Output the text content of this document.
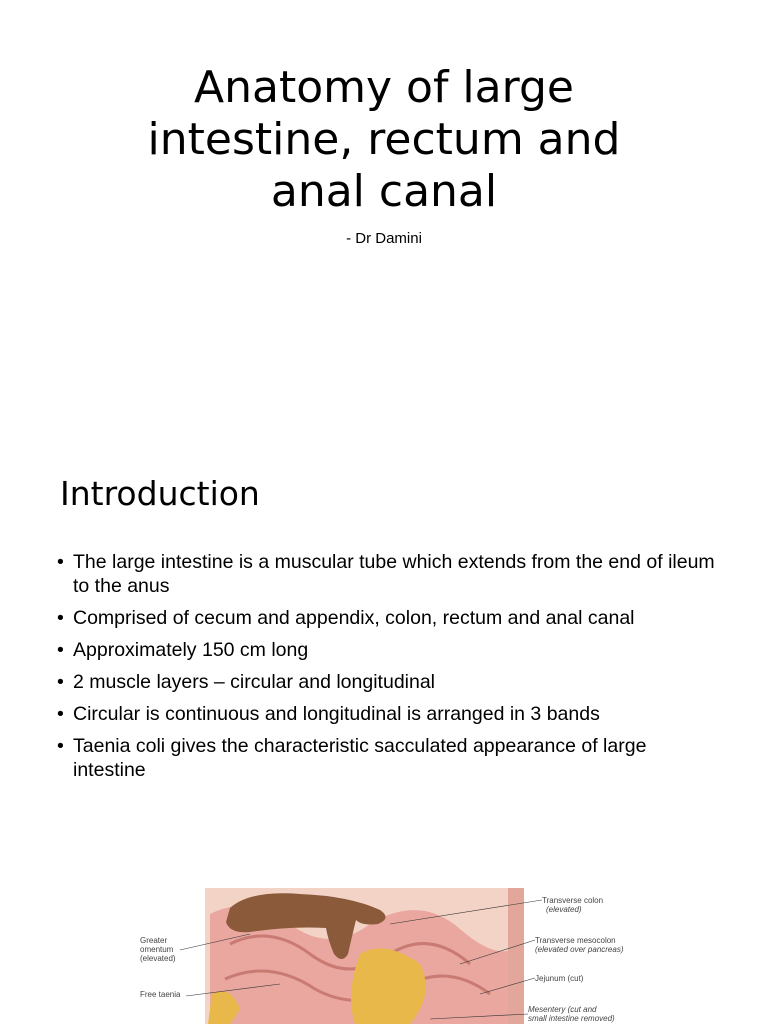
Anatomy of large
intestine, rectum and
anal canal
- Dr Damini
Introduction
• The large intestine is a muscular tube which extends from the end of ileum to the anus
• Comprised of cecum and appendix, colon, rectum and anal canal
• Approximately 150 cm long
• 2 muscle layers – circular and longitudinal
• Circular is continuous and longitudinal is arranged in 3 bands
• Taenia coli gives the characteristic sacculated appearance of large intestine
Greater
omentum
(elevated)
Free taenia
Transverse colon
(elevated)
Transverse mesocolon
(elevated over pancreas)
Jejunum (cut)
Mesentery (cut and
small intestine removed)
